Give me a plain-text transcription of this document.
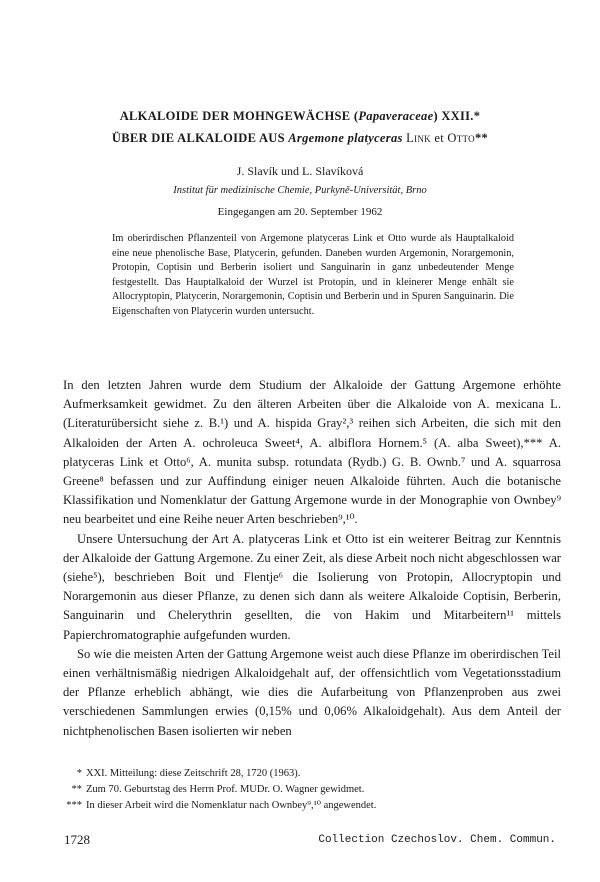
ALKALOIDE DER MOHNGEWÄCHSE (Papaveraceae) XXII.*
ÜBER DIE ALKALOIDE AUS Argemone platyceras Link et Otto**
J. Slavík und L. Slavíková
Institut für medizinische Chemie, Purkyně-Universität, Brno
Eingegangen am 20. September 1962
Im oberirdischen Pflanzenteil von Argemone platyceras Link et Otto wurde als Hauptalkaloid eine neue phenolische Base, Platycerin, gefunden. Daneben wurden Argemonin, Norargemonin, Protopin, Coptisin und Berberin isoliert und Sanguinarin in ganz unbedeutender Menge festgestellt. Das Hauptalkaloid der Wurzel ist Protopin, und in kleinerer Menge enhält sie Allocryptopin, Platycerin, Norargemonin, Coptisin und Berberin und in Spuren Sanguinarin. Die Eigenschaften von Platycerin wurden untersucht.

In den letzten Jahren wurde dem Studium der Alkaloide der Gattung Argemone erhöhte Aufmerksamkeit gewidmet. Zu den älteren Arbeiten über die Alkaloide von A. mexicana L. (Literaturübersicht siehe z. B.¹) und A. hispida Gray²,³ reihen sich Arbeiten, die sich mit den Alkaloiden der Arten A. ochroleuca Sweet⁴, A. albiflora Hornem.⁵ (A. alba Sweet),*** A. platyceras Link et Otto⁶, A. munita subsp. rotundata (Rydb.) G. B. Ownb.⁷ und A. squarrosa Greene⁸ befassen und zur Auffindung einiger neuen Alkaloide führten. Auch die botanische Klassifikation und Nomenklatur der Gattung Argemone wurde in der Monographie von Ownbey⁹ neu bearbeitet und eine Reihe neuer Arten beschrieben⁹,¹⁰.

Unsere Untersuchung der Art A. platyceras Link et Otto ist ein weiterer Beitrag zur Kenntnis der Alkaloide der Gattung Argemone. Zu einer Zeit, als diese Arbeit noch nicht abgeschlossen war (siehe⁵), beschrieben Boit und Flentje⁶ die Isolierung von Protopin, Allocryptopin und Norargemonin aus dieser Pflanze, zu denen sich dann als weitere Alkaloide Coptisin, Berberin, Sanguinarin und Chelerythrin gesellten, die von Hakim und Mitarbeitern¹¹ mittels Papierchromatographie aufgefunden wurden.

So wie die meisten Arten der Gattung Argemone weist auch diese Pflanze im oberirdischen Teil einen verhältnismäßig niedrigen Alkaloidgehalt auf, der offensichtlich vom Vegetationsstadium der Pflanze erheblich abhängt, wie dies die Aufarbeitung von Pflanzenproben aus zwei verschiedenen Sammlungen erwies (0,15% und 0,06% Alkaloidgehalt). Aus dem Anteil der nichtphenolischen Basen isolierten wir neben

* XXI. Mitteilung: diese Zeitschrift 28, 1720 (1963).
** Zum 70. Geburtstag des Herrn Prof. MUDr. O. Wagner gewidmet.
*** In dieser Arbeit wird die Nomenklatur nach Ownbey⁹,¹⁰ angewendet.
1728	Collection Czechoslov. Chem. Commun.
